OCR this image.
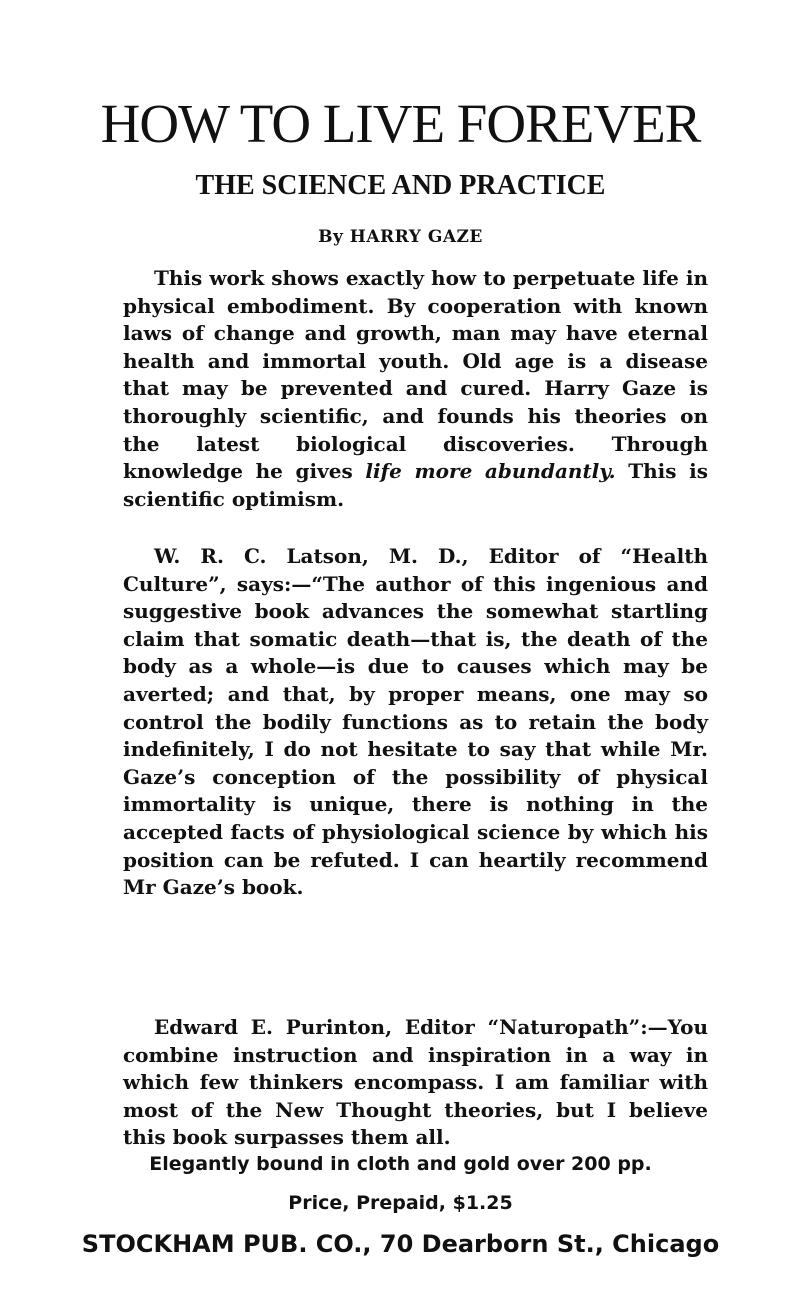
HOW TO LIVE FOREVER
THE SCIENCE AND PRACTICE

By HARRY GAZE

This work shows exactly how to perpetuate life in physical embodiment. By cooperation with known laws of change and growth, man may have eternal health and immortal youth. Old age is a disease that may be prevented and cured. Harry Gaze is thoroughly scientific, and founds his theories on the latest biological discoveries. Through knowledge he gives life more abundantly. This is scientific optimism.

W. R. C. Latson, M. D., Editor of “Health Culture”, says:—“The author of this ingenious and suggestive book advances the somewhat startling claim that somatic death—that is, the death of the body as a whole—is due to causes which may be averted; and that, by proper means, one may so control the bodily functions as to retain the body indefinitely, I do not hesitate to say that while Mr. Gaze’s conception of the possibility of physical immortality is unique, there is nothing in the accepted facts of physiological science by which his position can be refuted. I can heartily recommend Mr Gaze’s book.

Edward E. Purinton, Editor “Naturopath”:—You combine instruction and inspiration in a way in which few thinkers encompass. I am familiar with most of the New Thought theories, but I believe this book surpasses them all.

Elegantly bound in cloth and gold over 200 pp.

Price, Prepaid, $1.25

STOCKHAM PUB. CO., 70 Dearborn St., Chicago
